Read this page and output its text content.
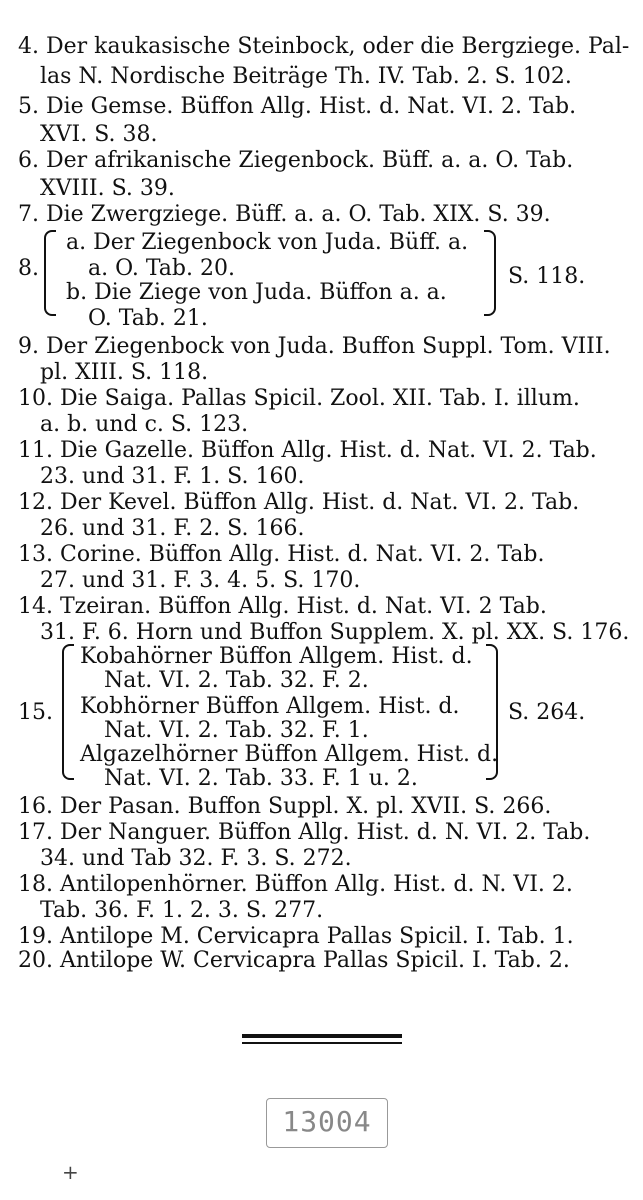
4. Der kaukasische Steinbock, oder die Bergziege. Pal-
las N. Nordische Beiträge Th. IV. Tab. 2. S. 102.
5. Die Gemse. Büffon Allg. Hist. d. Nat. VI. 2. Tab.
XVI. S. 38.
6. Der afrikanische Ziegenbock. Büff. a. a. O. Tab.
XVIII. S. 39.
7. Die Zwergziege. Büff. a. a. O. Tab. XIX. S. 39.
8.
a. Der Ziegenbock von Juda. Büff. a.
a. O. Tab. 20.
b. Die Ziege von Juda. Büffon a. a.
O. Tab. 21.
S. 118.
9. Der Ziegenbock von Juda. Buffon Suppl. Tom. VIII.
pl. XIII. S. 118.
10. Die Saiga. Pallas Spicil. Zool. XII. Tab. I. illum.
a. b. und c. S. 123.
11. Die Gazelle. Büffon Allg. Hist. d. Nat. VI. 2. Tab.
23. und 31. F. 1. S. 160.
12. Der Kevel. Büffon Allg. Hist. d. Nat. VI. 2. Tab.
26. und 31. F. 2. S. 166.
13. Corine. Büffon Allg. Hist. d. Nat. VI. 2. Tab.
27. und 31. F. 3. 4. 5. S. 170.
14. Tzeiran. Büffon Allg. Hist. d. Nat. VI. 2 Tab.
31. F. 6. Horn und Buffon Supplem. X. pl. XX. S. 176.
15.
Kobahörner Büffon Allgem. Hist. d.
Nat. VI. 2. Tab. 32. F. 2.
Kobhörner Büffon Allgem. Hist. d.
Nat. VI. 2. Tab. 32. F. 1.
Algazelhörner Büffon Allgem. Hist. d.
Nat. VI. 2. Tab. 33. F. 1 u. 2.
S. 264.
16. Der Pasan. Buffon Suppl. X. pl. XVII. S. 266.
17. Der Nanguer. Büffon Allg. Hist. d. N. VI. 2. Tab.
34. und Tab 32. F. 3. S. 272.
18. Antilopenhörner. Büffon Allg. Hist. d. N. VI. 2.
Tab. 36. F. 1. 2. 3. S. 277.
19. Antilope M. Cervicapra Pallas Spicil. I. Tab. 1.
20. Antilope W. Cervicapra Pallas Spicil. I. Tab. 2.
13004
+
